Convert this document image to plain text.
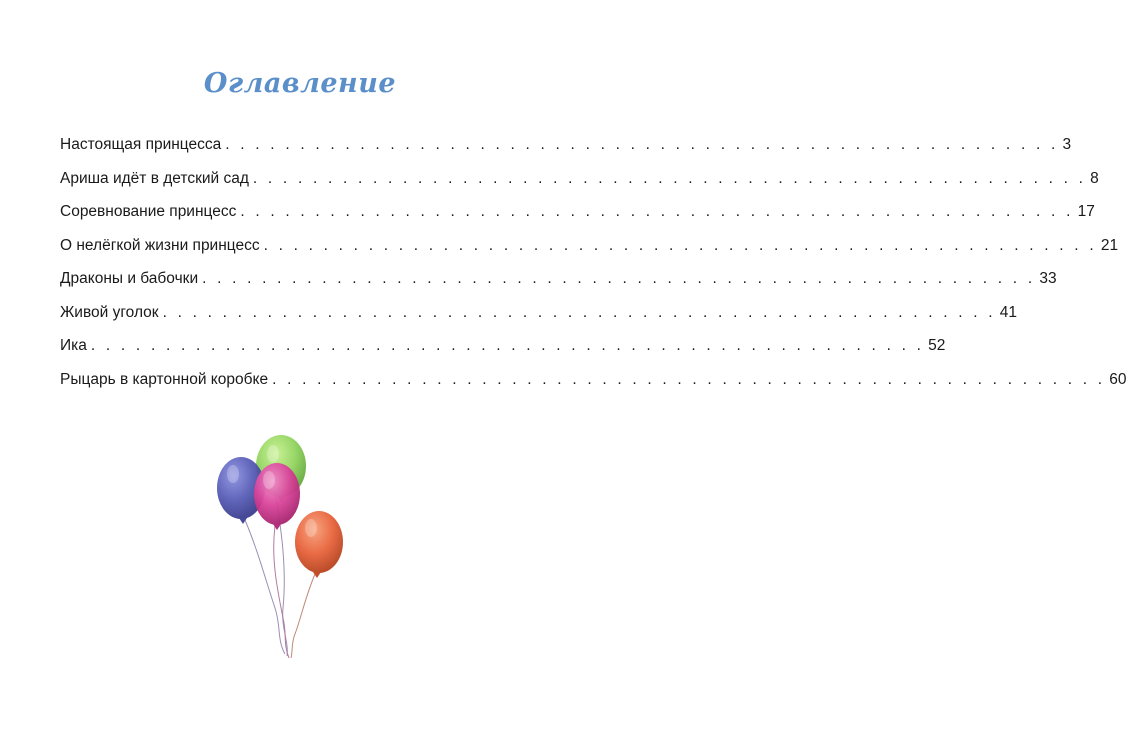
Оглавление
Настоящая принцесса . . . . . . . . . . . . . . . . . . . . . . . . . . . . . . . . . . . . . . . . . . . . . . . . . . . . . . . . 3
Ариша идёт в детский сад . . . . . . . . . . . . . . . . . . . . . . . . . . . . . . . . . . . . . . . . . . . . . . . . . . . . . . . . 8
Соревнование принцесс . . . . . . . . . . . . . . . . . . . . . . . . . . . . . . . . . . . . . . . . . . . . . . . . . . . . . . . . 17
О нелёгкой жизни принцесс . . . . . . . . . . . . . . . . . . . . . . . . . . . . . . . . . . . . . . . . . . . . . . . . . . . . . . . . 21
Драконы и бабочки . . . . . . . . . . . . . . . . . . . . . . . . . . . . . . . . . . . . . . . . . . . . . . . . . . . . . . . . 33
Живой уголок . . . . . . . . . . . . . . . . . . . . . . . . . . . . . . . . . . . . . . . . . . . . . . . . . . . . . . . . 41
Ика . . . . . . . . . . . . . . . . . . . . . . . . . . . . . . . . . . . . . . . . . . . . . . . . . . . . . . . . 52
Рыцарь в картонной коробке . . . . . . . . . . . . . . . . . . . . . . . . . . . . . . . . . . . . . . . . . . . . . . . . . . . . . . . . 60
